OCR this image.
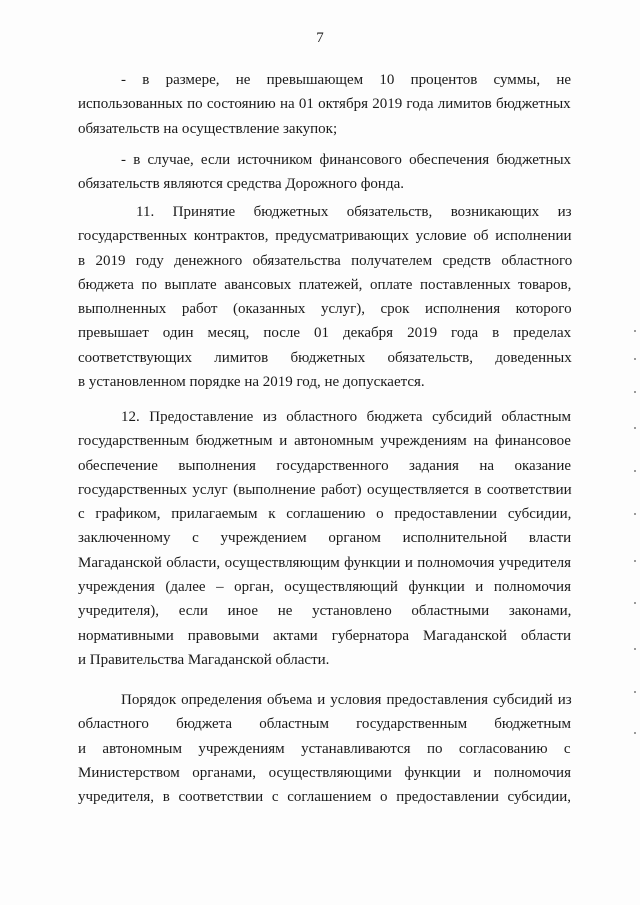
7
- в размере, не превышающем 10 процентов суммы, не
использованных по состоянию на 01 октября 2019 года лимитов бюджетных
обязательств на осуществление закупок;
- в случае, если источником финансового обеспечения бюджетных
обязательств являются средства Дорожного фонда.
11. Принятие бюджетных обязательств, возникающих из
государственных контрактов, предусматривающих условие об исполнении
в 2019 году денежного обязательства получателем средств областного
бюджета по выплате авансовых платежей, оплате поставленных товаров,
выполненных работ (оказанных услуг), срок исполнения которого
превышает один месяц, после 01 декабря 2019 года в пределах
соответствующих лимитов бюджетных обязательств, доведенных
в установленном порядке на 2019 год, не допускается.
12. Предоставление из областного бюджета субсидий областным
государственным бюджетным и автономным учреждениям на финансовое
обеспечение выполнения государственного задания на оказание
государственных услуг (выполнение работ) осуществляется в соответствии
с графиком, прилагаемым к соглашению о предоставлении субсидии,
заключенному с учреждением органом исполнительной власти
Магаданской области, осуществляющим функции и полномочия учредителя
учреждения (далее – орган, осуществляющий функции и полномочия
учредителя), если иное не установлено областными законами,
нормативными правовыми актами губернатора Магаданской области
и Правительства Магаданской области.
Порядок определения объема и условия предоставления субсидий из
областного бюджета областным государственным бюджетным
и автономным учреждениям устанавливаются по согласованию с
Министерством органами, осуществляющими функции и полномочия
учредителя, в соответствии с соглашением о предоставлении субсидии,
